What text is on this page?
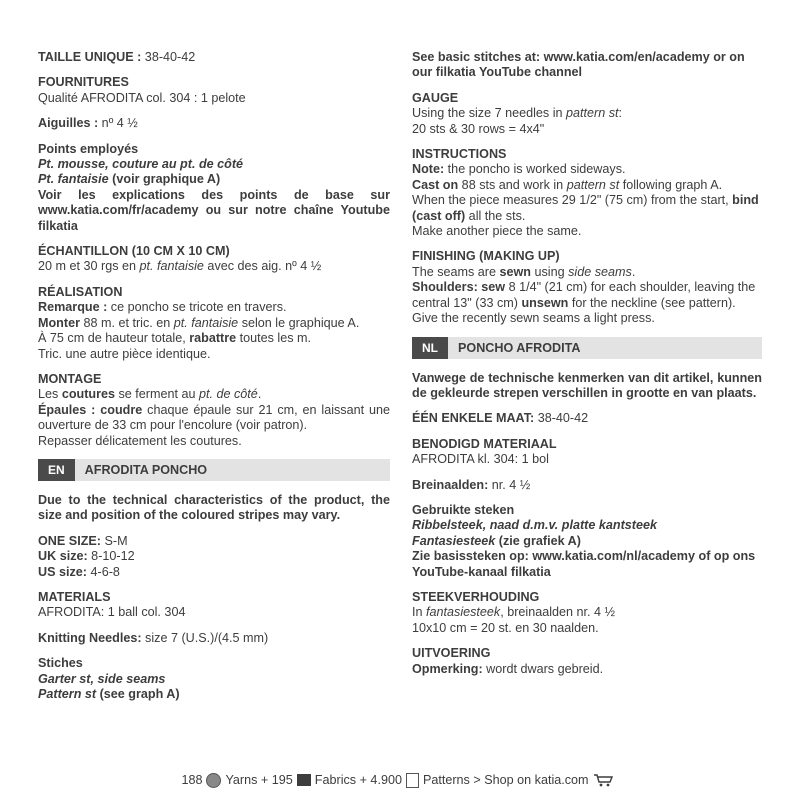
TAILLE UNIQUE : 38-40-42

FOURNITURES

Qualité AFRODITA col. 304 : 1 pelote

Aiguilles : nº 4 ½

Points employés

Pt. mousse, couture au pt. de côté

Pt. fantaisie (voir graphique A)

Voir les explications des points de base sur www.katia.com/fr/academy ou sur notre chaîne Youtube filkatia

ÉCHANTILLON (10 CM X 10 CM)

20 m et 30 rgs en pt. fantaisie avec des aig. nº 4 ½

RÉALISATION

Remarque : ce poncho se tricote en travers.

Monter 88 m. et tric. en pt. fantaisie selon le graphique A.

À 75 cm de hauteur totale, rabattre toutes les m.

Tric. une autre pièce identique.

MONTAGE

Les coutures se ferment au pt. de côté.

Épaules : coudre chaque épaule sur 21 cm, en laissant une ouverture de 33 cm pour l'encolure (voir patron).

Repasser délicatement les coutures.

EN	AFRODITA PONCHO

Due to the technical characteristics of the product, the size and position of the coloured stripes may vary.

ONE SIZE: S-M

UK size: 8-10-12

US size: 4-6-8

MATERIALS

AFRODITA: 1 ball col. 304

Knitting Needles: size 7 (U.S.)/(4.5 mm)

Stiches

Garter st, side seams

Pattern st (see graph A)

See basic stitches at: www.katia.com/en/academy or on our filkatia YouTube channel

GAUGE

Using the size 7 needles in pattern st:

20 sts & 30 rows = 4x4"

INSTRUCTIONS

Note: the poncho is worked sideways.

Cast on 88 sts and work in pattern st following graph A.

When the piece measures 29 1/2" (75 cm) from the start, bind (cast off) all the sts.

Make another piece the same.

FINISHING (MAKING UP)

The seams are sewn using side seams.

Shoulders: sew 8 1/4" (21 cm) for each shoulder, leaving the central 13" (33 cm) unsewn for the neckline (see pattern).

Give the recently sewn seams a light press.

NL	PONCHO AFRODITA

Vanwege de technische kenmerken van dit artikel, kunnen de gekleurde strepen verschillen in grootte en van plaats.

ÉÉN ENKELE MAAT: 38-40-42

BENODIGD MATERIAAL

AFRODITA kl. 304: 1 bol

Breinaalden: nr. 4 ½

Gebruikte steken

Ribbelsteek, naad d.m.v. platte kantsteek

Fantasiesteek (zie grafiek A)

Zie basissteken op: www.katia.com/nl/academy of op ons YouTube-kanaal filkatia

STEEKVERHOUDING

In fantasiesteek, breinaalden nr. 4 ½

10x10 cm = 20 st. en 30 naalden.

UITVOERING

Opmerking: wordt dwars gebreid.

188 Yarns + 195 Fabrics + 4.900 Patterns > Shop on
katia.com
